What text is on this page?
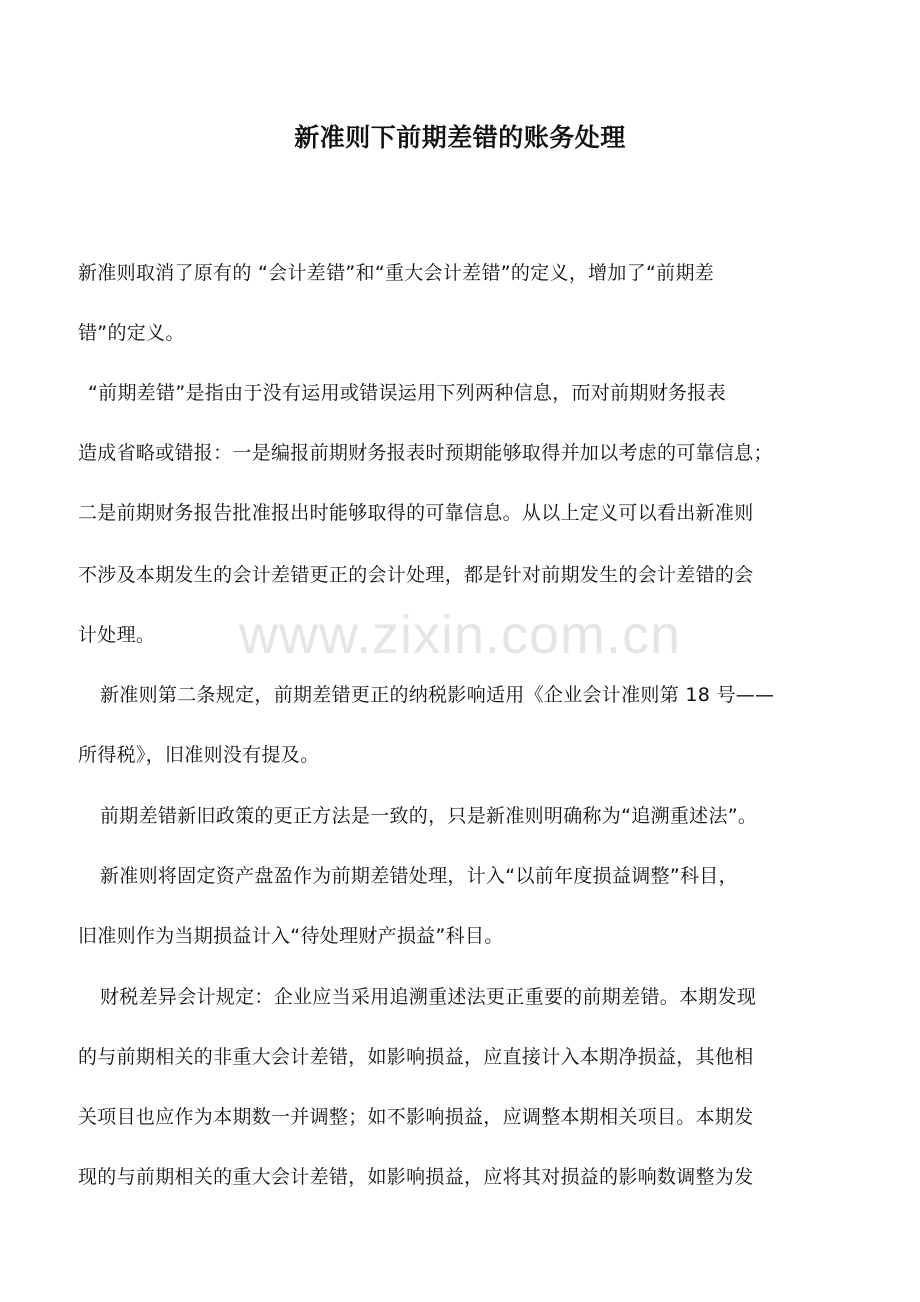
新准则下前期差错的账务处理
新准则取消了原有的 “会计差错”和“重大会计差错”的定义，增加了“前期差
错”的定义。
“前期差错”是指由于没有运用或错误运用下列两种信息，而对前期财务报表
造成省略或错报：一是编报前期财务报表时预期能够取得并加以考虑的可靠信息；
二是前期财务报告批准报出时能够取得的可靠信息。从以上定义可以看出新准则
不涉及本期发生的会计差错更正的会计处理，都是针对前期发生的会计差错的会
计处理。
新准则第二条规定，前期差错更正的纳税影响适用《企业会计准则第 18 号——
所得税》，旧准则没有提及。
前期差错新旧政策的更正方法是一致的，只是新准则明确称为“追溯重述法”。
新准则将固定资产盘盈作为前期差错处理，计入“以前年度损益调整”科目，
旧准则作为当期损益计入“待处理财产损益”科目。
财税差异会计规定：企业应当采用追溯重述法更正重要的前期差错。本期发现
的与前期相关的非重大会计差错，如影响损益，应直接计入本期净损益，其他相
关项目也应作为本期数一并调整；如不影响损益，应调整本期相关项目。本期发
现的与前期相关的重大会计差错，如影响损益，应将其对损益的影响数调整为发
www.zixin.com.cn
